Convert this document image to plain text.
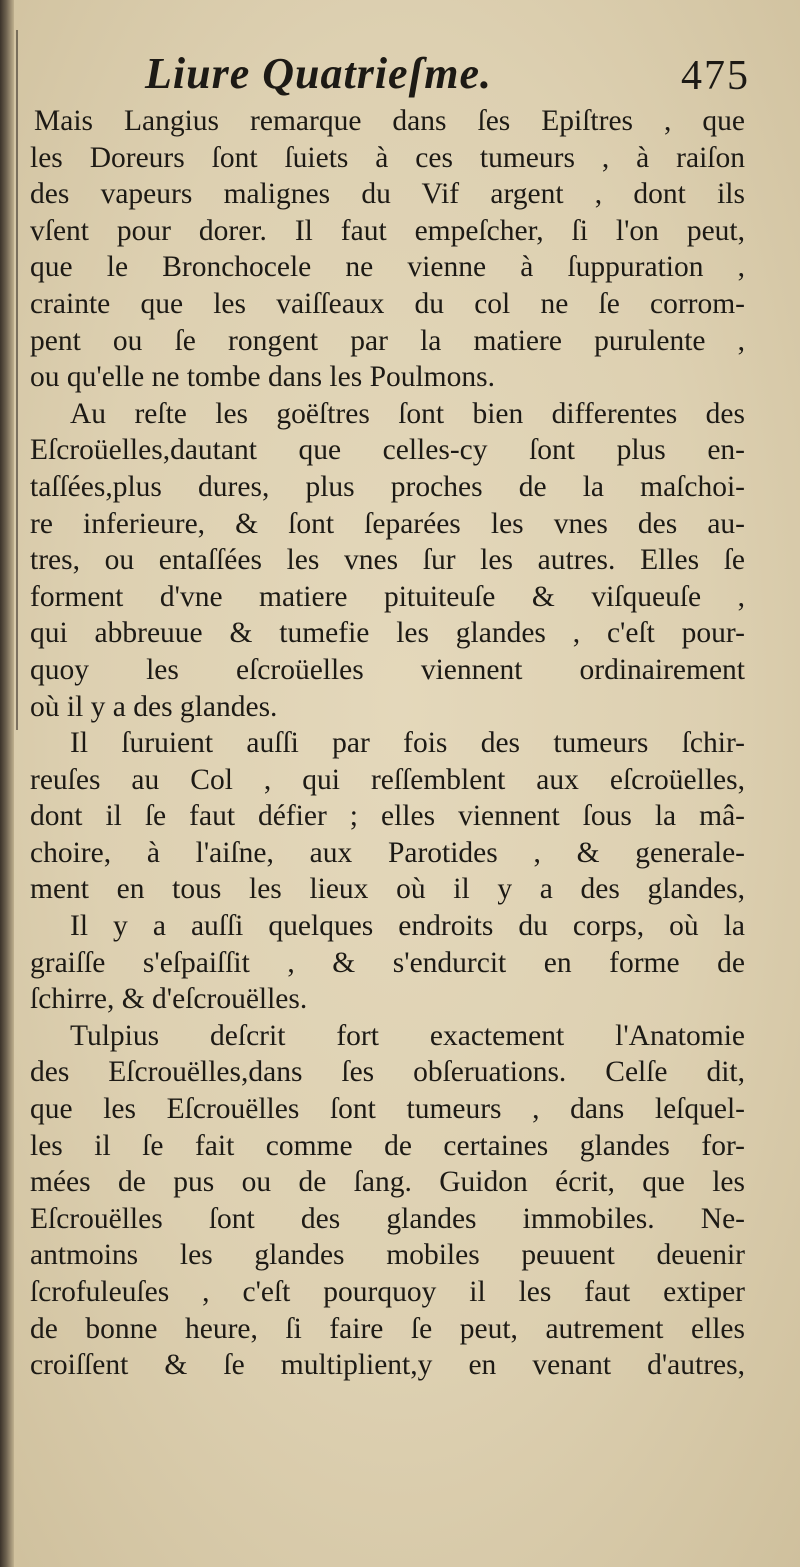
Liure Quatrieſme.	475
Mais Langius remarque dans ſes Epiſtres , que
les Doreurs ſont ſuiets à ces tumeurs , à raiſon
des vapeurs malignes du Vif argent , dont ils
vſent pour dorer. Il faut empeſcher, ſi l'on peut,
que le Bronchocele ne vienne à ſuppuration ,
crainte que les vaiſſeaux du col ne ſe corrom-
pent ou ſe rongent par la matiere purulente ,
ou qu'elle ne tombe dans les Poulmons.
Au reſte les goëſtres ſont bien differentes des
Eſcroüelles,dautant que celles-cy ſont plus en-
taſſées,plus dures, plus proches de la maſchoi-
re inferieure, & ſont ſeparées les vnes des au-
tres, ou entaſſées les vnes ſur les autres. Elles ſe
forment d'vne matiere pituiteuſe & viſqueuſe ,
qui abbreuue & tumefie les glandes , c'eſt pour-
quoy les eſcroüelles viennent ordinairement
où il y a des glandes.
Il ſuruient auſſi par fois des tumeurs ſchir-
reuſes au Col , qui reſſemblent aux eſcroüelles,
dont il ſe faut défier ; elles viennent ſous la mâ-
choire, à l'aiſne, aux Parotides , & generale-
ment en tous les lieux où il y a des glandes,
Il y a auſſi quelques endroits du corps, où la
graiſſe s'eſpaiſſit , & s'endurcit en forme de
ſchirre, & d'eſcrouëlles.
Tulpius deſcrit fort exactement l'Anatomie
des Eſcrouëlles,dans ſes obſeruations. Celſe dit,
que les Eſcrouëlles ſont tumeurs , dans leſquel-
les il ſe fait comme de certaines glandes for-
mées de pus ou de ſang. Guidon écrit, que les
Eſcrouëlles ſont des glandes immobiles. Ne-
antmoins les glandes mobiles peuuent deuenir
ſcrofuleuſes , c'eſt pourquoy il les faut extiper
de bonne heure, ſi faire ſe peut, autrement elles
croiſſent & ſe multiplient,y en venant d'autres,
